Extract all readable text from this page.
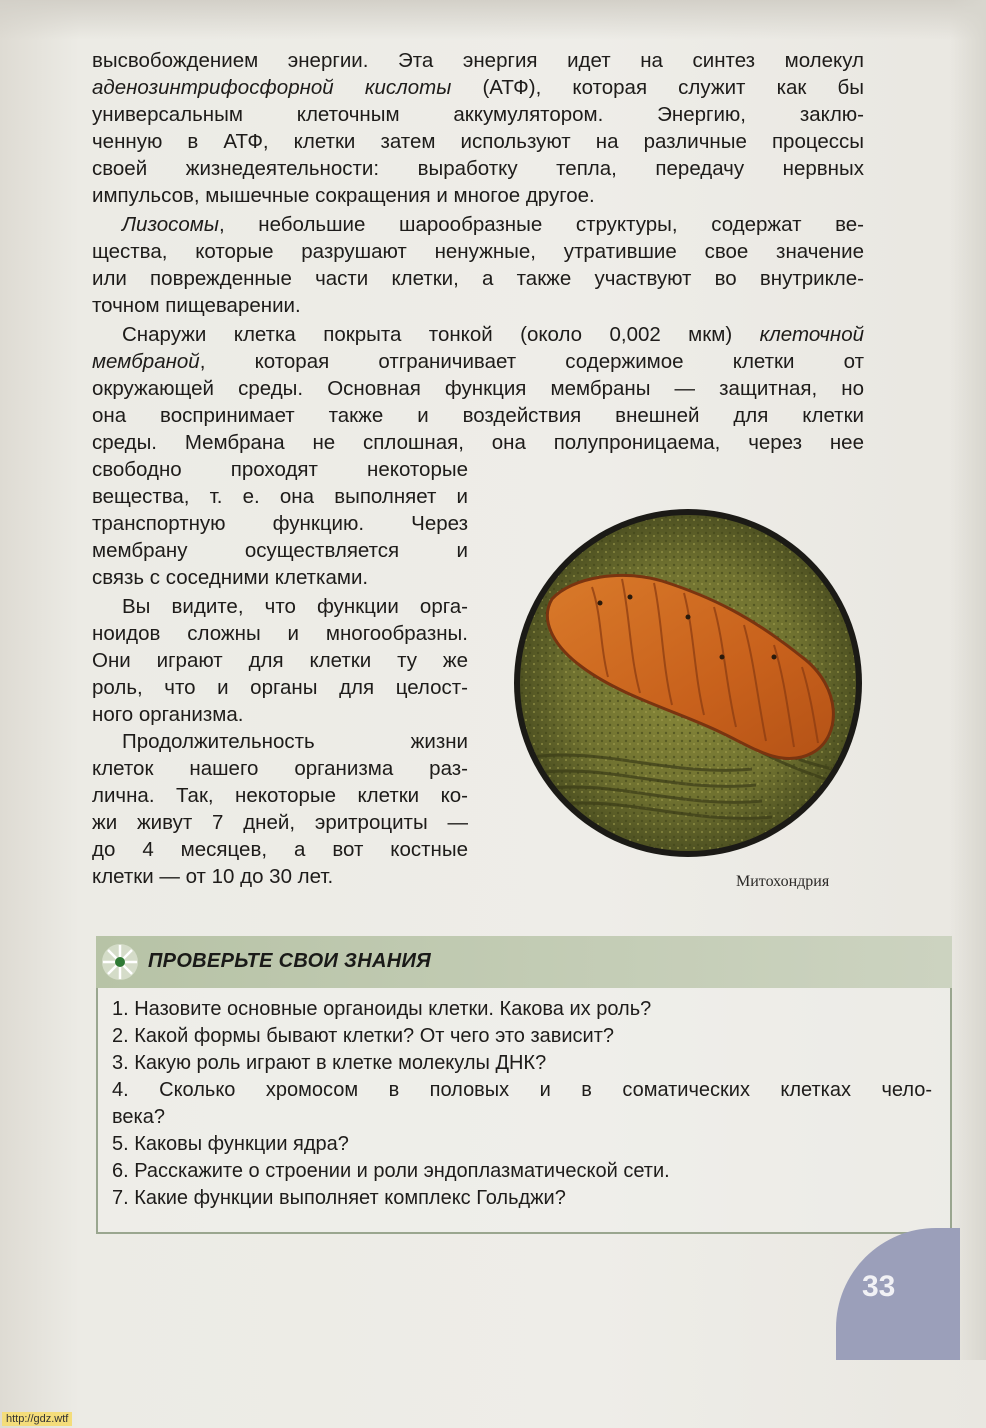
высвобождением энергии. Эта энергия идет на синтез молекул
аденозинтрифосфорной кислоты (АТФ), которая служит как бы
универсальным клеточным аккумулятором. Энергию, заклю-
ченную в АТФ, клетки затем используют на различные процессы
своей жизнедеятельности: выработку тепла, передачу нервных
импульсов, мышечные сокращения и многое другое.
Лизосомы, небольшие шарообразные структуры, содержат ве-
щества, которые разрушают ненужные, утратившие свое значение
или поврежденные части клетки, а также участвуют во внутрикле-
точном пищеварении.
Снаружи клетка покрыта тонкой (около 0,002 мкм) клеточной
мембраной, которая отграничивает содержимое клетки от
окружающей среды. Основная функция мембраны — защитная, но
она воспринимает также и воздействия внешней для клетки
среды. Мембрана не сплошная, она полупроницаема, через нее
свободно проходят некоторые
вещества, т. е. она выполняет и
транспортную функцию. Через
мембрану осуществляется и
связь с соседними клетками.
Вы видите, что функции орга-
ноидов сложны и многообразны.
Они играют для клетки ту же
роль, что и органы для целост-
ного организма.
Продолжительность жизни
клеток нашего организма раз-
лична. Так, некоторые клетки ко-
жи живут 7 дней, эритроциты —
до 4 месяцев, а вот костные
клетки — от 10 до 30 лет.	Митохондрия
ПРОВЕРЬТЕ СВОИ ЗНАНИЯ
1. Назовите основные органоиды клетки. Какова их роль?
2. Какой формы бывают клетки? От чего это зависит?
3. Какую роль играют в клетке молекулы ДНК?
4. Сколько хромосом в половых и в соматических клетках чело-
века?
5. Каковы функции ядра?
6. Расскажите о строении и роли эндоплазматической сети.
7. Какие функции выполняет комплекс Гольджи?
33
http://gdz.wtf
